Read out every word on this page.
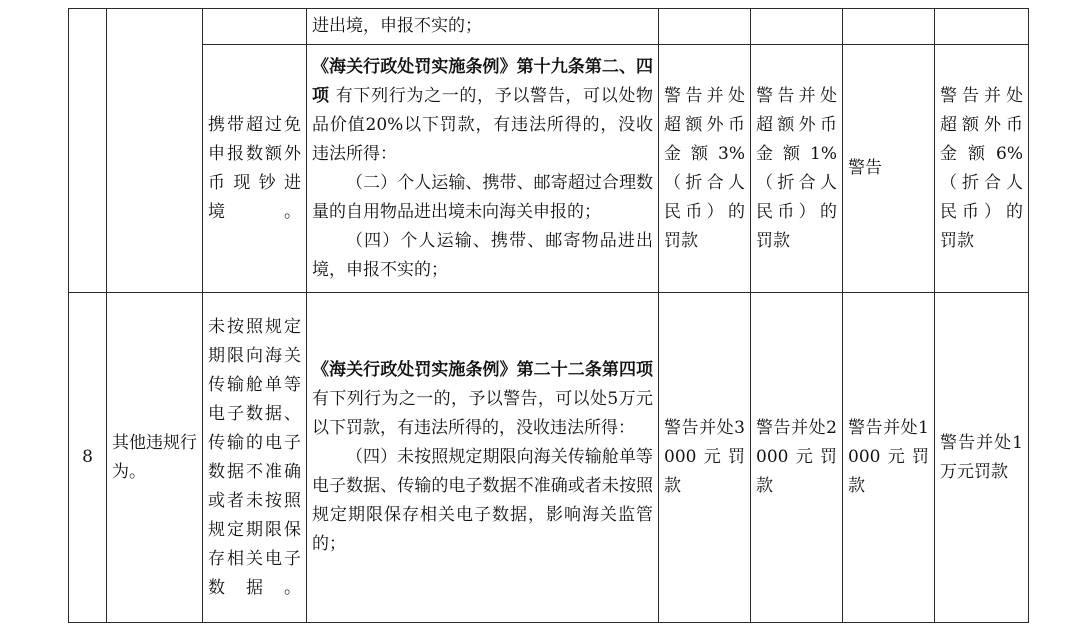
			进出境，申报不实的；				
		携带超过免申报数额外币现钞进境。	《海关行政处罚实施条例》第十九条第二、四项 有下列行为之一的，予以警告，可以处物品价值20%以下罚款，有违法所得的，没收违法所得：

（二）个人运输、携带、邮寄超过合理数量的自用物品进出境未向海关申报的；

（四）个人运输、携带、邮寄物品进出境，申报不实的；	警告并处超额外币金额3%（折合人民币）的罚款	警告并处超额外币金额1%（折合人民币）的罚款	警告	警告并处超额外币金额6%（折合人民币）的罚款
8	其他违规行为。	未按照规定期限向海关传输舱单等电子数据、传输的电子数据不准确或者未按照规定期限保存相关电子数据。	《海关行政处罚实施条例》第二十二条第四项 有下列行为之一的，予以警告，可以处5万元以下罚款，有违法所得的，没收违法所得：

（四）未按照规定期限向海关传输舱单等电子数据、传输的电子数据不准确或者未按照规定期限保存相关电子数据，影响海关监管的；	警告并处3000元罚款	警告并处2000元罚款	警告并处1000元罚款	警告并处1万元罚款
